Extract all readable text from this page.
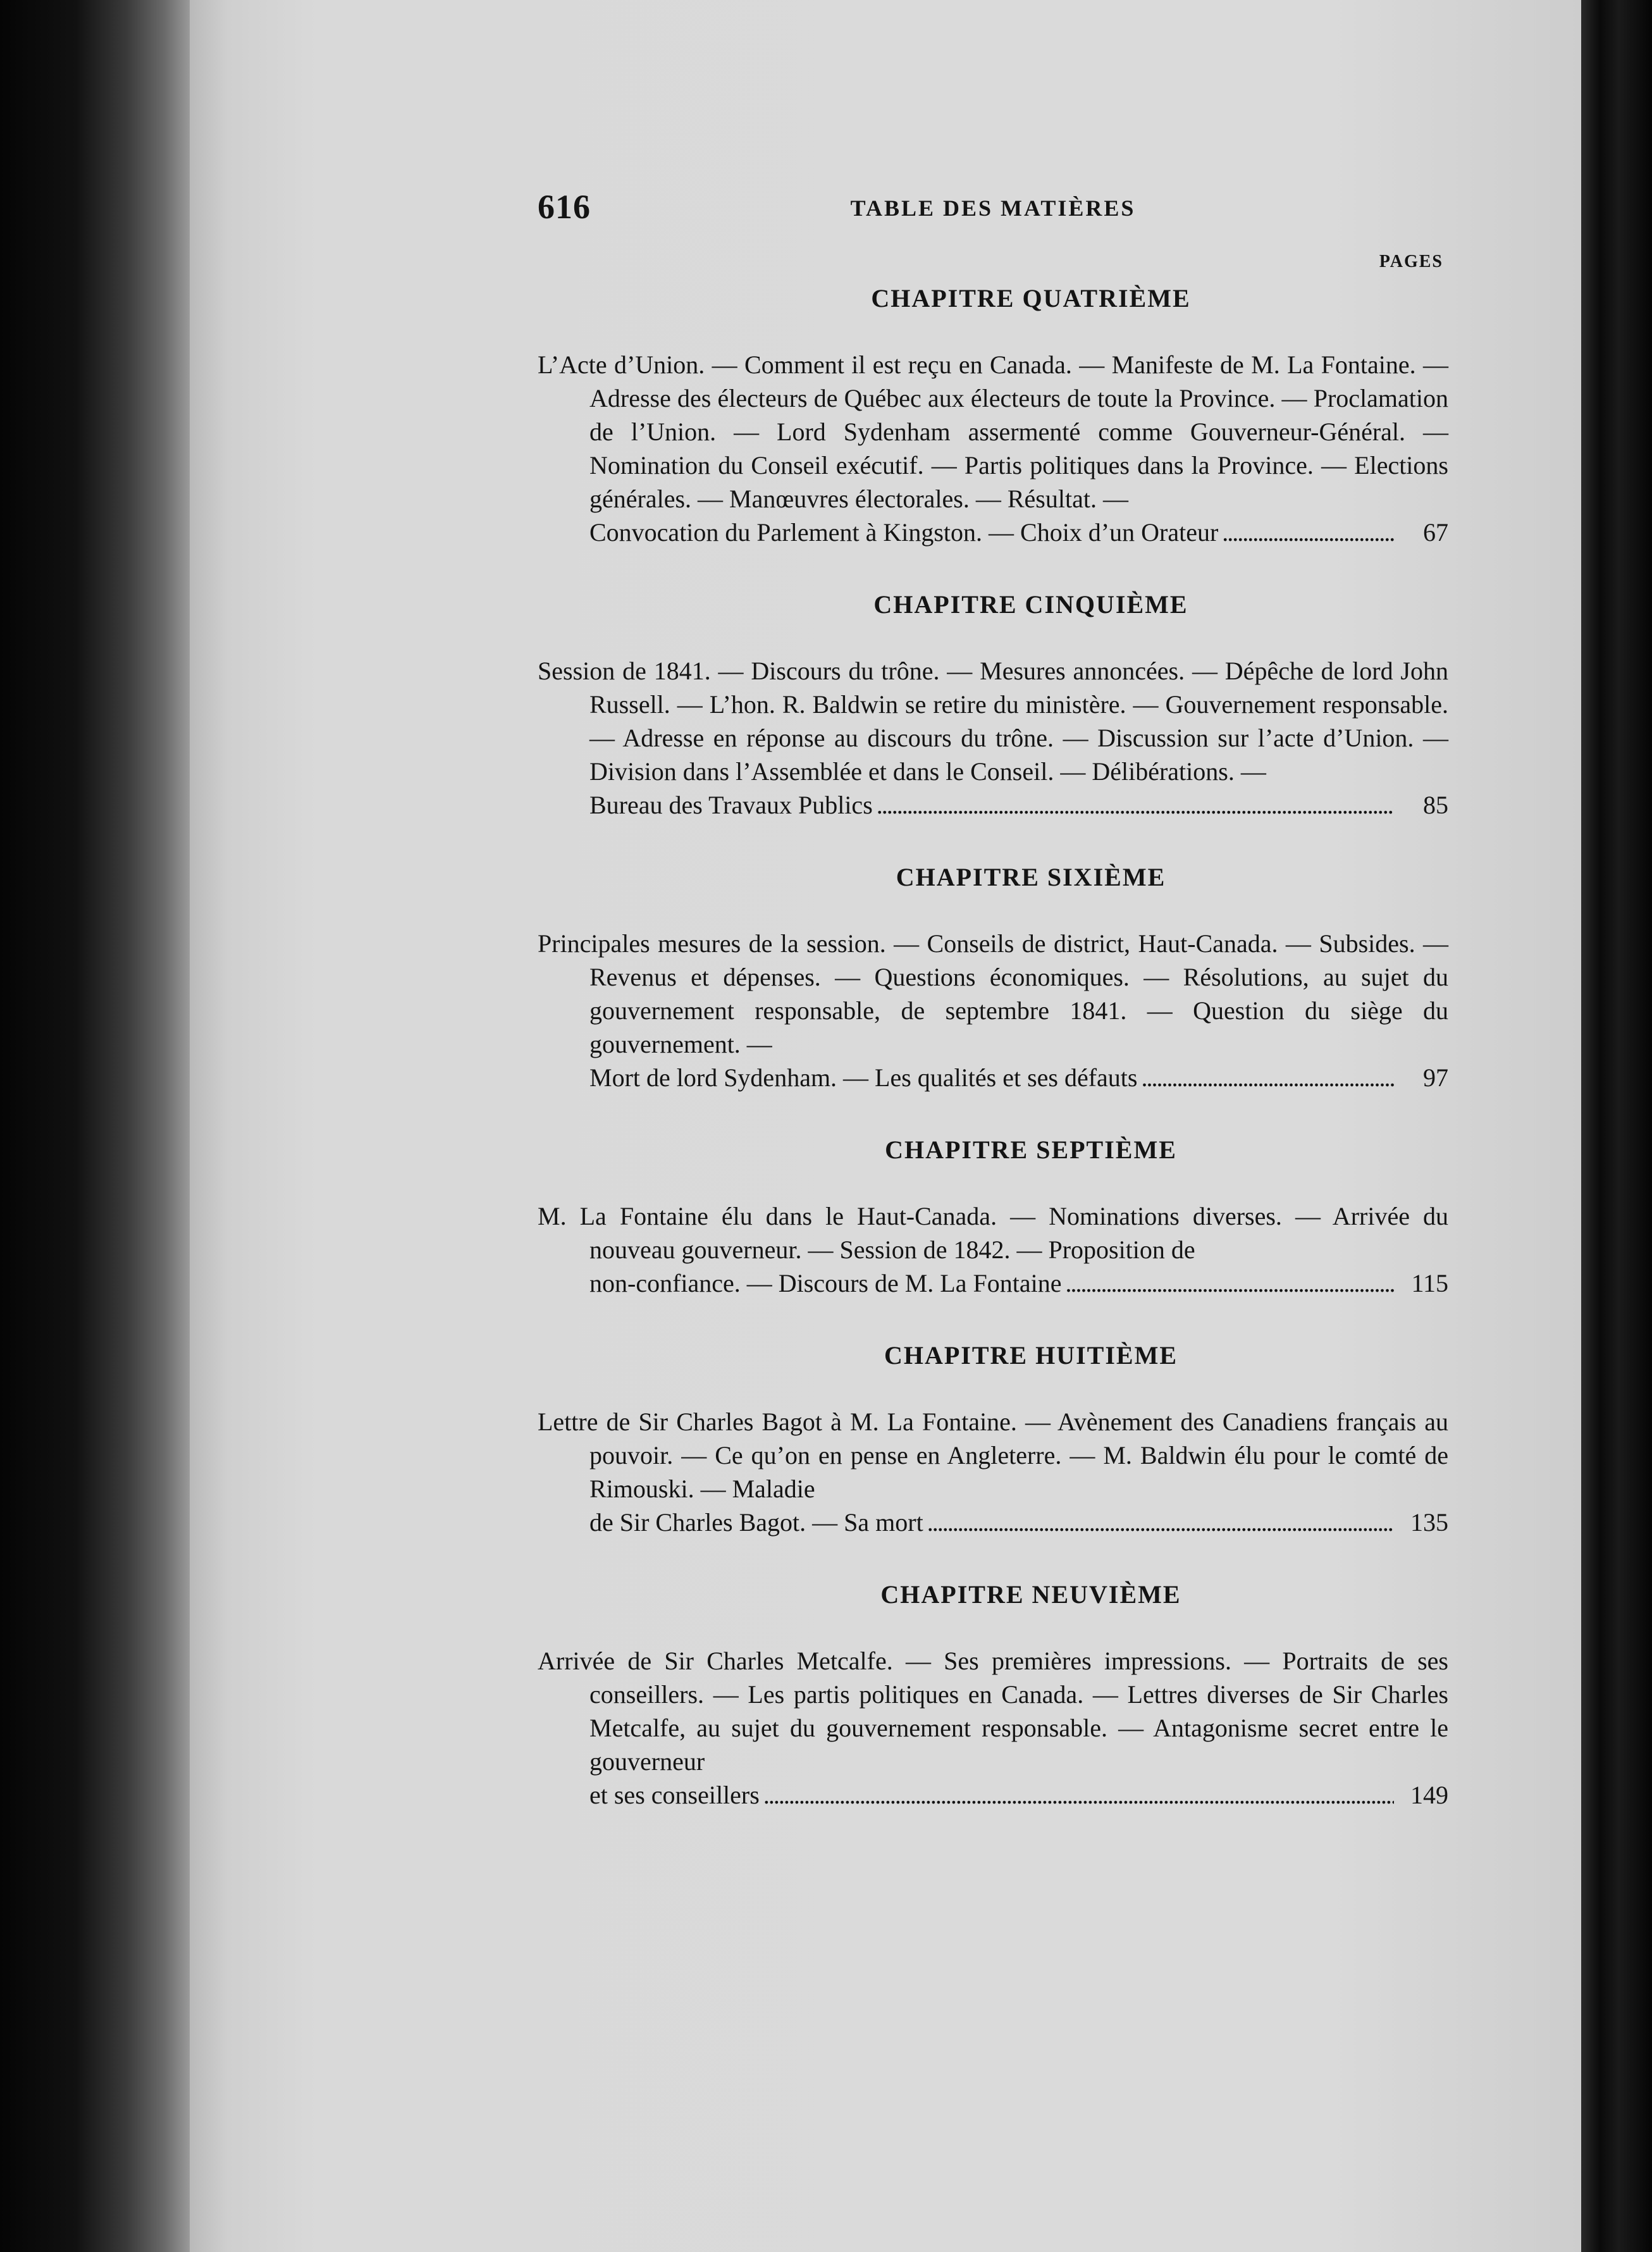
616	TABLE DES MATIÈRES
PAGES
CHAPITRE QUATRIÈME
L’Acte d’Union. — Comment il est reçu en Canada. — Manifeste de M. La Fontaine. — Adresse des électeurs de Québec aux électeurs de toute la Province. — Proclamation de l’Union. — Lord Sydenham assermenté comme Gouverneur-Général. — Nomination du Conseil exécutif. — Partis politiques dans la Province. — Elections générales. — Manœuvres électorales. — Résultat. —
Convocation du Parlement à Kingston. — Choix d’un Orateur . . .	67
CHAPITRE CINQUIÈME
Session de 1841. — Discours du trône. — Mesures annoncées. — Dépêche de lord John Russell. — L’hon. R. Baldwin se retire du ministère. — Gouvernement responsable. — Adresse en réponse au discours du trône. — Discussion sur l’acte d’Union. — Division dans l’Assemblée et dans le Conseil. — Délibérations. —
Bureau des Travaux Publics . . .	85
CHAPITRE SIXIÈME
Principales mesures de la session. — Conseils de district, Haut-Canada. — Subsides. — Revenus et dépenses. — Questions économiques. — Résolutions, au sujet du gouvernement responsable, de septembre 1841. — Question du siège du gouvernement. —
Mort de lord Sydenham. — Les qualités et ses défauts . . .	97
CHAPITRE SEPTIÈME
M. La Fontaine élu dans le Haut-Canada. — Nominations diverses. — Arrivée du nouveau gouverneur. — Session de 1842. — Proposition de
non-confiance. — Discours de M. La Fontaine . . .	115
CHAPITRE HUITIÈME
Lettre de Sir Charles Bagot à M. La Fontaine. — Avènement des Canadiens français au pouvoir. — Ce qu’on en pense en Angleterre. — M. Baldwin élu pour le comté de Rimouski. — Maladie
de Sir Charles Bagot. — Sa mort . . .	135
CHAPITRE NEUVIÈME
Arrivée de Sir Charles Metcalfe. — Ses premières impressions. — Portraits de ses conseillers. — Les partis politiques en Canada. — Lettres diverses de Sir Charles Metcalfe, au sujet du gouvernement responsable. — Antagonisme secret entre le gouverneur
et ses conseillers . . .	149
